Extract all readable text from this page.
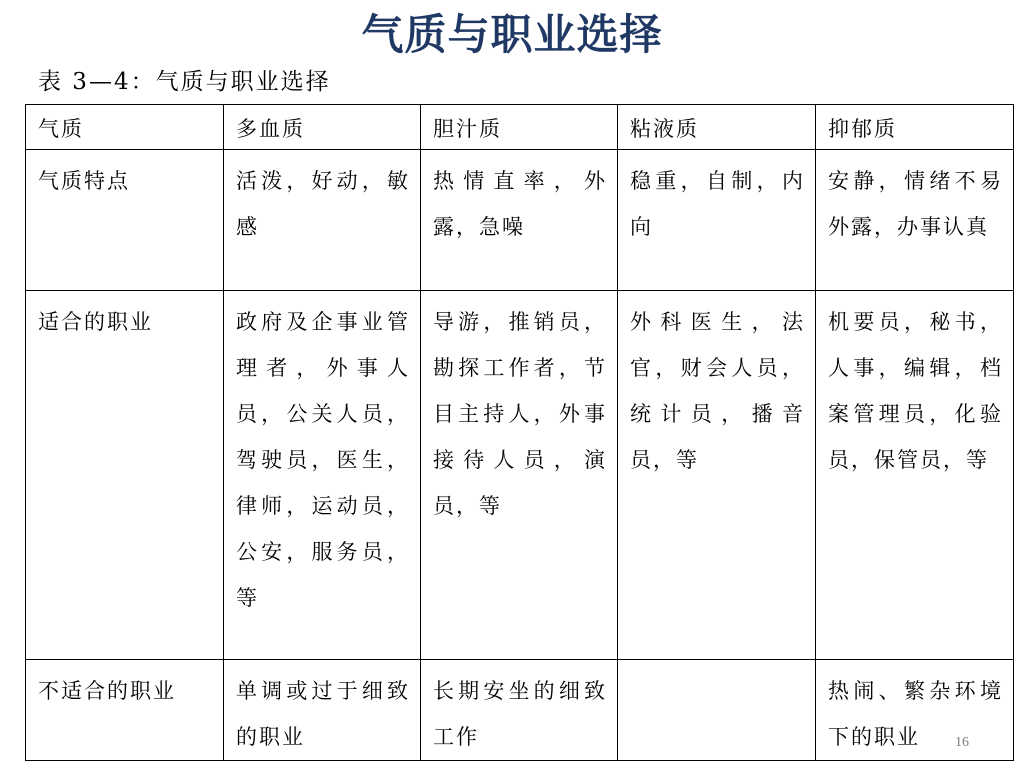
气质与职业选择
表 3—4：气质与职业选择
气质	多血质	胆汁质	粘液质	抑郁质
气质特点	活泼，好动，敏感	热情直率，外露，急噪	稳重，自制，内向	安静，情绪不易外露，办事认真
适合的职业	政府及企事业管理者，外事人员，公关人员，驾驶员，医生，律师，运动员，公安，服务员，等	导游，推销员，勘探工作者，节目主持人，外事接待人员，演员，等	外科医生，法官，财会人员，统计员，播音员，等	机要员，秘书，人事，编辑，档案管理员，化验员，保管员，等
不适合的职业	单调或过于细致的职业	长期安坐的细致工作		热闹、繁杂环境下的职业	16
